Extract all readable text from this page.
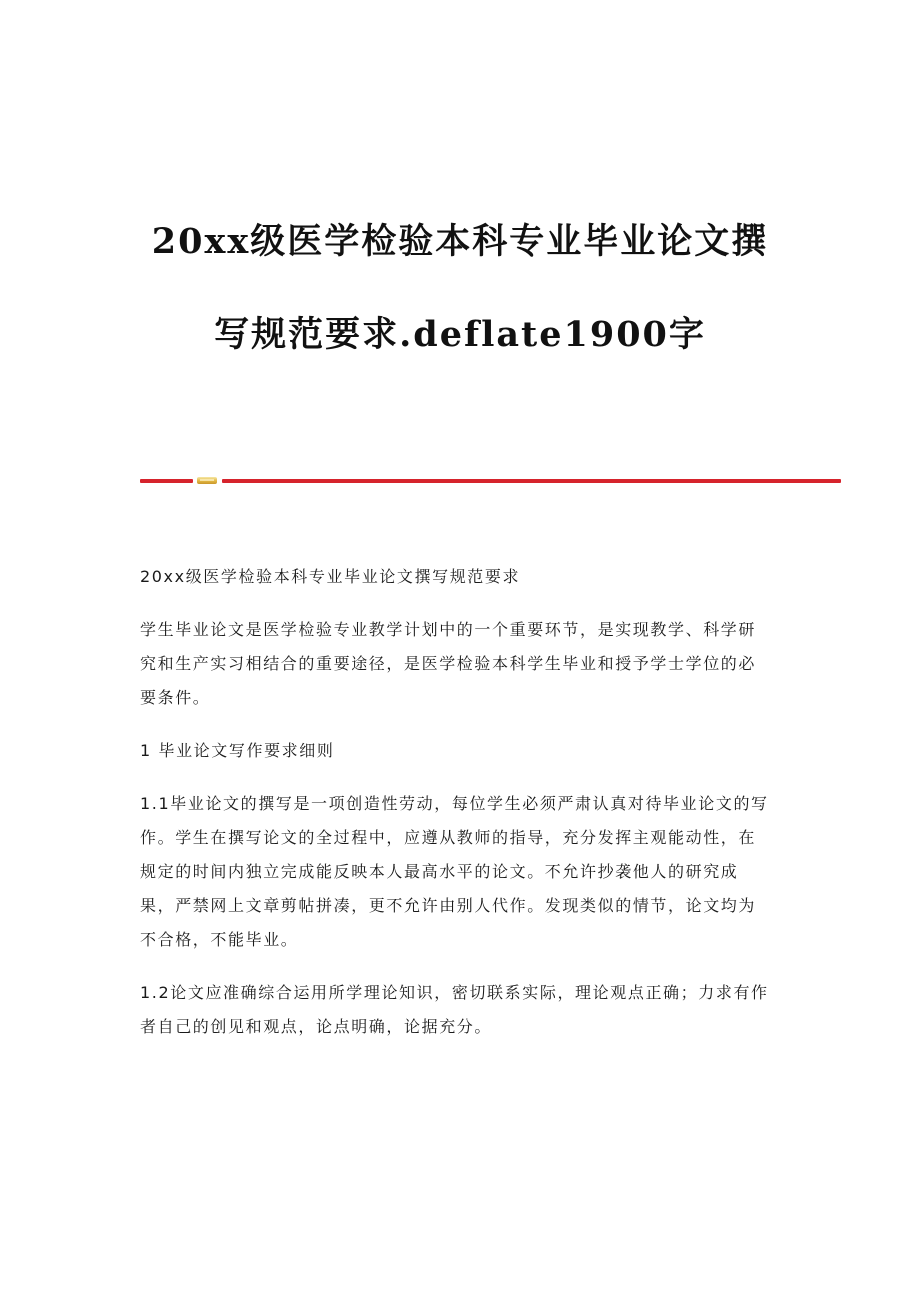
20xx级医学检验本科专业毕业论文撰
写规范要求.deflate1900字

20xx级医学检验本科专业毕业论文撰写规范要求

学生毕业论文是医学检验专业教学计划中的一个重要环节，是实现教学、科学研究和生产实习相结合的重要途径，是医学检验本科学生毕业和授予学士学位的必要条件。

1 毕业论文写作要求细则

1.1毕业论文的撰写是一项创造性劳动，每位学生必须严肃认真对待毕业论文的写作。学生在撰写论文的全过程中，应遵从教师的指导，充分发挥主观能动性，在规定的时间内独立完成能反映本人最高水平的论文。不允许抄袭他人的研究成果，严禁网上文章剪帖拼凑，更不允许由别人代作。发现类似的情节，论文均为不合格，不能毕业。

1.2论文应准确综合运用所学理论知识，密切联系实际，理论观点正确；力求有作者自己的创见和观点，论点明确，论据充分。
